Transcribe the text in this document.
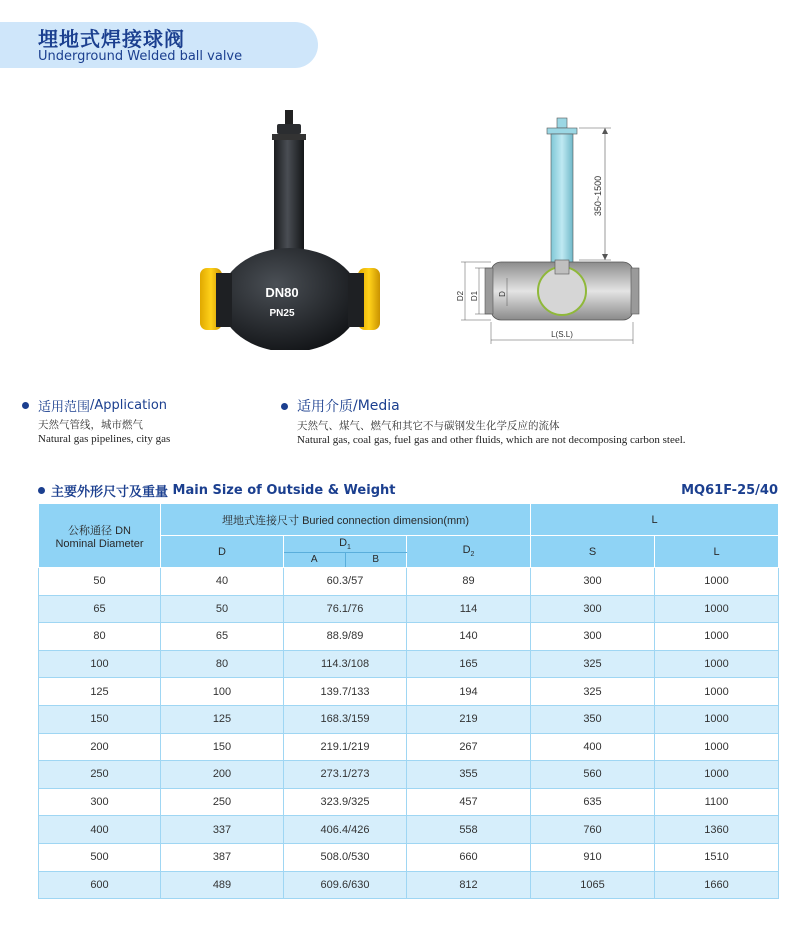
埋地式焊接球阀
Underground Welded ball valve
DN80
PN25
350~1500
D2 D1 D
L(S.L)
适用范围 /Application
天然气管线，城市燃气
Natural gas pipelines, city gas
适用介质 /Media
天然气、煤气、燃气和其它不与碳钢发生化学反应的流体
Natural gas, coal gas, fuel gas and other fluids, which are not decomposing carbon steel.
主要外形尺寸及重量
Main Size of Outside & Weight	MQ61F-25/40
公称通径 DN
Nominal Diameter	埋地式连接尺寸 Buried connection dimension(mm)			L	
	D	$D_1$	$D_2$	S	L

		A B			

50	40	60.3/57	89	300	1000
65	50	76.1/76	114	300	1000
80	65	88.9/89	140	300	1000
100	80	114.3/108	165	325	1000
125	100	139.7/133	194	325	1000
150	125	168.3/159	219	350	1000
200	150	219.1/219	267	400	1000
250	200	273.1/273	355	560	1000
300	250	323.9/325	457	635	1100
400	337	406.4/426	558	760	1360
500	387	508.0/530	660	910	1510
600	489	609.6/630	812	1065	1660
